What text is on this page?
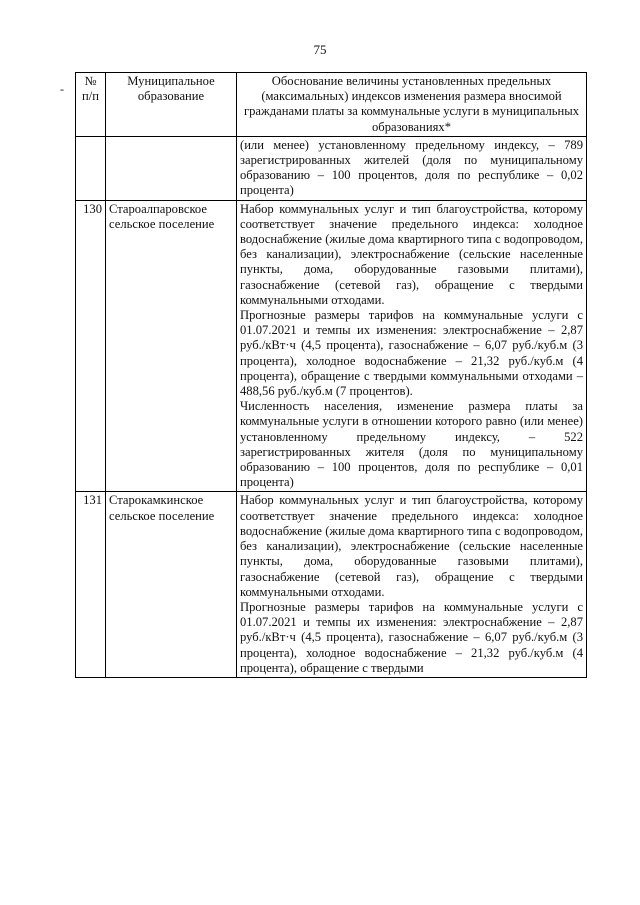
75
-
№ п/п	Муниципальное образование	Обоснование величины установленных предельных (максимальных) индексов изменения размера вносимой гражданами платы за коммунальные услуги в муниципальных образованиях*

		(или менее) установленному предельному индексу, – 789 зарегистрированных жителей (доля по муниципальному образованию – 100 процентов, доля по республике – 0,02 процента)

130	Староалпаровское сельское поселение	Набор коммунальных услуг и тип благоустройства, которому соответствует значение предельного индекса: холодное водоснабжение (жилые дома квартирного типа с водопроводом, без канализации), электроснабжение (сельские населенные пункты, дома, оборудованные газовыми плитами), газоснабжение (сетевой газ), обращение с твердыми коммунальными отходами.

Прогнозные размеры тарифов на коммунальные услуги с 01.07.2021 и темпы их изменения: электроснабжение – 2,87 руб./кВт·ч (4,5 процента), газоснабжение – 6,07 руб./куб.м (3 процента), холодное водоснабжение – 21,32 руб./куб.м (4 процента), обращение с твердыми коммунальными отходами – 488,56 руб./куб.м (7 процентов).

Численность населения, изменение размера платы за коммунальные услуги в отношении которого равно (или менее) установленному предельному индексу, – 522 зарегистрированных жителя (доля по муниципальному образованию – 100 процентов, доля по республике – 0,01 процента)

131	Старокамкинское сельское поселение	Набор коммунальных услуг и тип благоустройства, которому соответствует значение предельного индекса: холодное водоснабжение (жилые дома квартирного типа с водопроводом, без канализации), электроснабжение (сельские населенные пункты, дома, оборудованные газовыми плитами), газоснабжение (сетевой газ), обращение с твердыми коммунальными отходами.

Прогнозные размеры тарифов на коммунальные услуги с 01.07.2021 и темпы их изменения: электроснабжение – 2,87 руб./кВт·ч (4,5 процента), газоснабжение – 6,07 руб./куб.м (3 процента), холодное водоснабжение – 21,32 руб./куб.м (4 процента), обращение с твердыми
